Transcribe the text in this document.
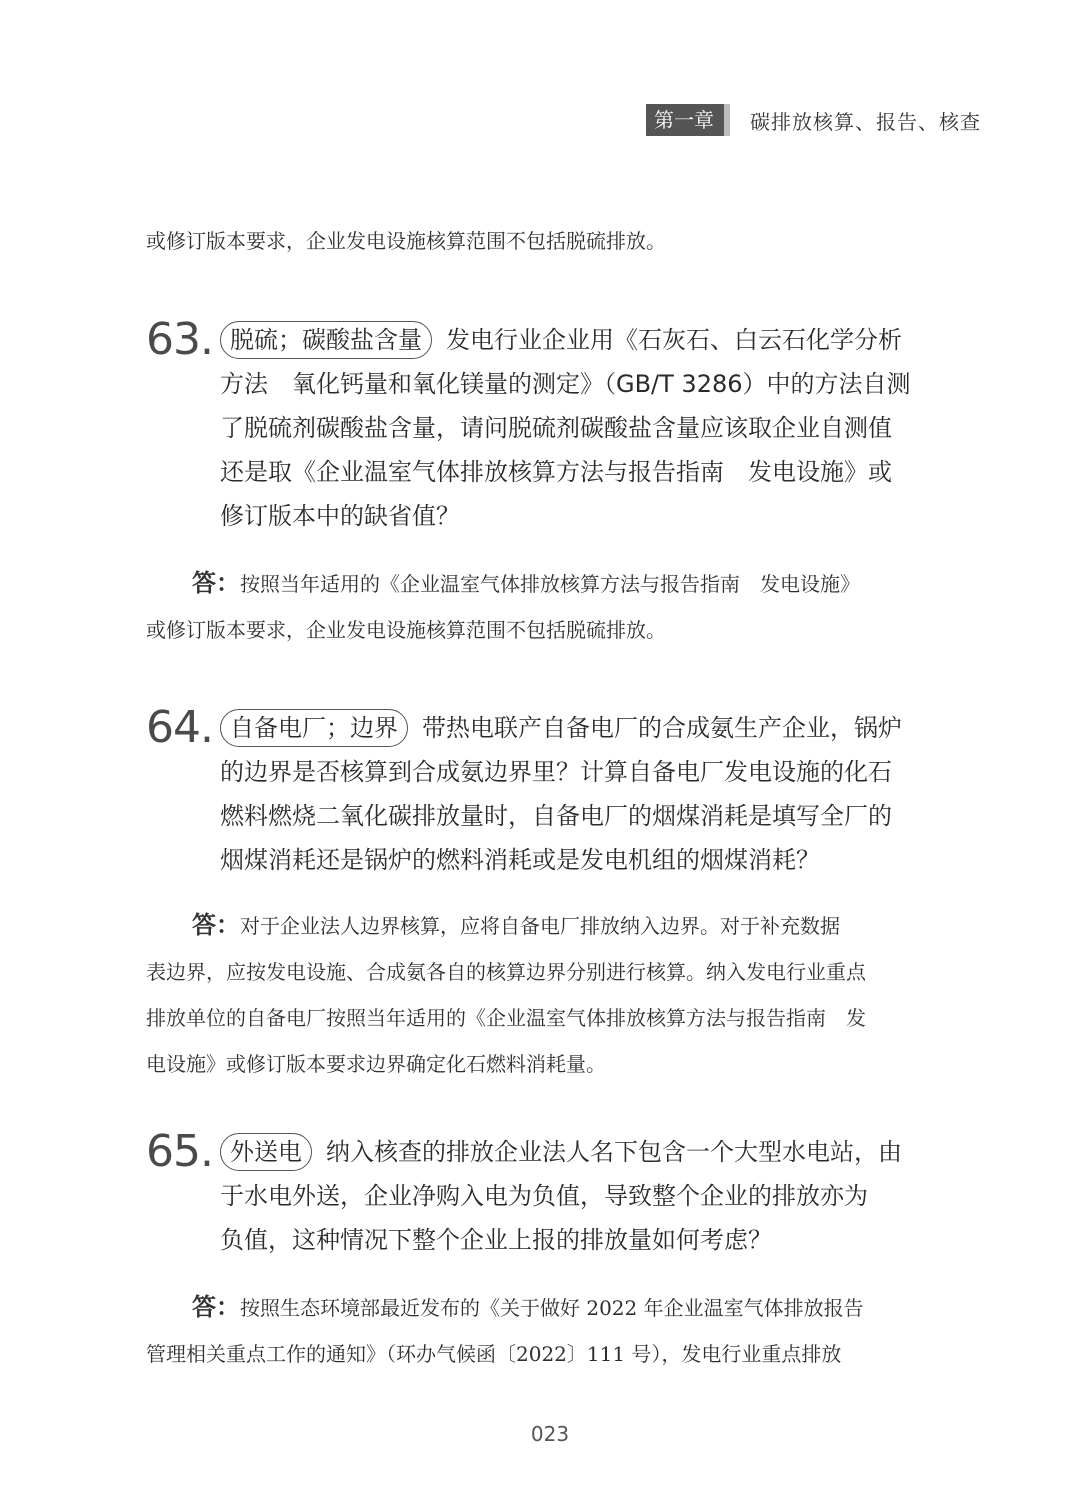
第一章	碳排放核算、报告、核查
或修订版本要求，企业发电设施核算范围不包括脱硫排放。
63. 脱硫；碳酸盐含量 发电行业企业用《石灰石、白云石化学分析
方法　氧化钙量和氧化镁量的测定》（GB/T 3286）中的方法自测
了脱硫剂碳酸盐含量，请问脱硫剂碳酸盐含量应该取企业自测值
还是取《企业温室气体排放核算方法与报告指南　发电设施》或
修订版本中的缺省值？
答：按照当年适用的《企业温室气体排放核算方法与报告指南　发电设施》
或修订版本要求，企业发电设施核算范围不包括脱硫排放。
64. 自备电厂；边界 带热电联产自备电厂的合成氨生产企业，锅炉
的边界是否核算到合成氨边界里？计算自备电厂发电设施的化石
燃料燃烧二氧化碳排放量时，自备电厂的烟煤消耗是填写全厂的
烟煤消耗还是锅炉的燃料消耗或是发电机组的烟煤消耗？
答：对于企业法人边界核算，应将自备电厂排放纳入边界。对于补充数据
表边界，应按发电设施、合成氨各自的核算边界分别进行核算。纳入发电行业重点
排放单位的自备电厂按照当年适用的《企业温室气体排放核算方法与报告指南　发
电设施》或修订版本要求边界确定化石燃料消耗量。
65. 外送电 纳入核查的排放企业法人名下包含一个大型水电站，由
于水电外送，企业净购入电为负值，导致整个企业的排放亦为
负值，这种情况下整个企业上报的排放量如何考虑？
答：按照生态环境部最近发布的《关于做好 2022 年企业温室气体排放报告
管理相关重点工作的通知》（环办气候函〔2022〕111 号），发电行业重点排放
023
